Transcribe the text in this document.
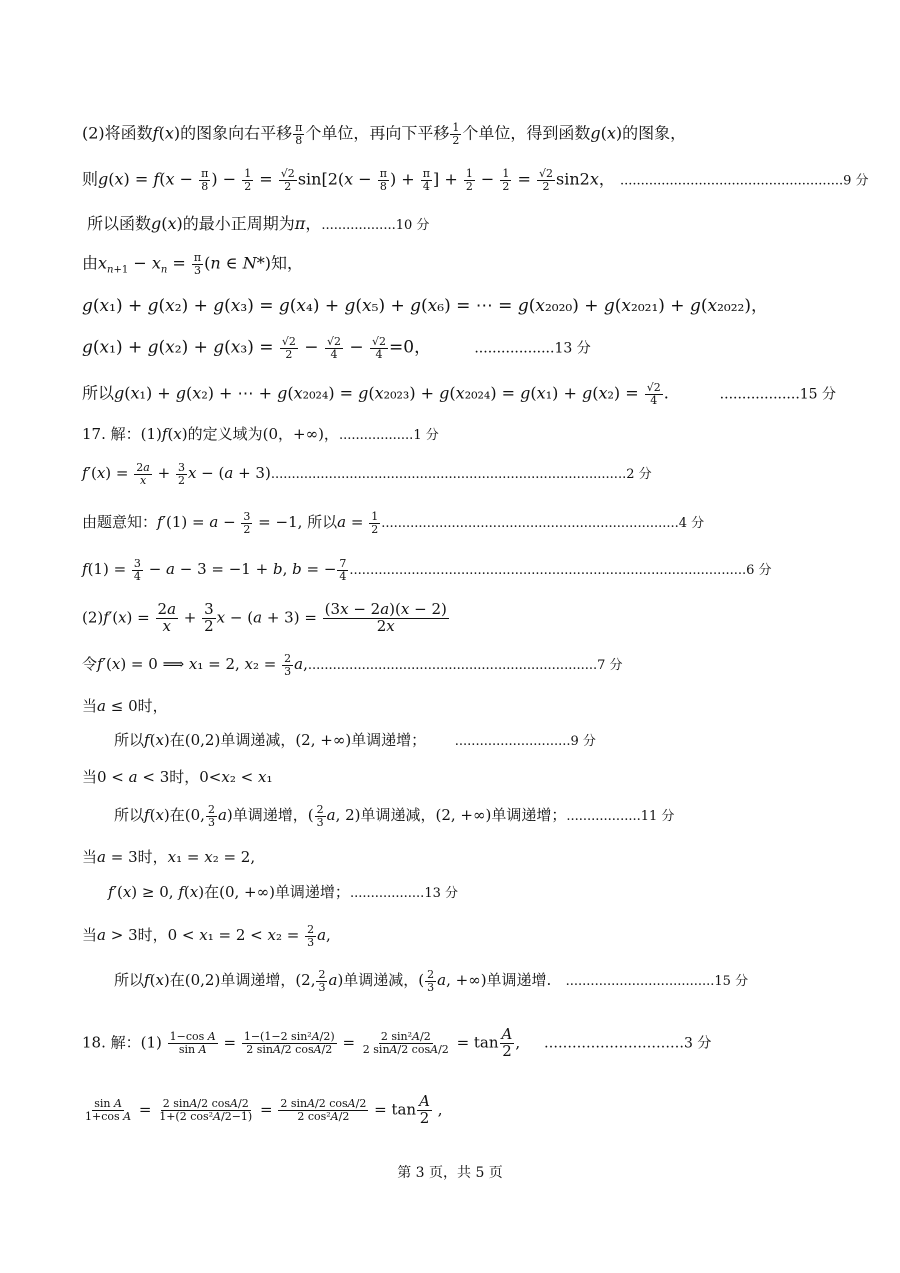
(2)将函数f(x)的图象向右平移 $\frac{\pi}{8}$ 个单位，再向下平移 $\frac{1}{2}$ 个单位，得到函数g(x)的图象，
则$g(x) = f(x - \frac{\pi}{8}$ ) − $\frac{1}{2} = \frac{√2}{2} \sin[2(x - \frac{\pi}{8}$ ) + $\frac{\pi}{4}$ ] + $\frac{1}{2} - \frac{1}{2} = \frac{√2}{2} \sin 2x$， ......................................................9 分
所以函数g(x)的最小正周期为π，..................10 分
由$x_{n+1} - x_n = \frac{\pi}{3} (n$ ∈ N*)知，
g(x₁) + g(x₂) + g(x₃) = g(x₄) + g(x₅) + g(x₆) = ⋯ = g(x₂₀₂₀) + g(x₂₀₂₁) + g(x₂₀₂₂)，
$g(x_1) + g(x_2) + g(x_3) = \frac{√2}{2} - \frac{√2}{4} - \frac{√2}{4} =0$，        ..................13 分
所以g(x₁) + g(x₂) + ⋯ + $g(x_{2024}) = g(x_{2023}) + g(x_{2024}) = g(x_1) + g(x_2) = \frac{√2}{4}$ .          ..................15 分
17. 解：(1)f(x)的定义域为(0，+∞)，..................1 分
$f'(x) = \frac{2a}{x} + \frac{3}{2}$ x − (a + 3)......................................................................................2 分
由题意知：$f'(1) = a - \frac{3}{2} = -1$, 所以$a = \frac{1}{2} ........................................................................4$ 分
$f(1) = \frac{3}{4} - a - 3 = -1 + b$, b = − $\frac{7}{4} ................................................................................................6$ 分
$(2)f'(x) = \frac{2a}{x} + \frac{3}{2}$ $x - (a + 3) = \frac{(3x - 2a)(x - 2)}{2x}$
令f′(x) = 0 ⟹ x₁ = 2, $x_2 = \frac{2}{3} a,......................................................................7$ 分
当a ≤ 0时，
所以f(x)在(0,2)单调递减，(2, +∞)单调递增；      ............................9 分
当0 < a < 3时，0<x₂ < x₁
所以f(x)在(0, $\frac{2}{3} a$)单调递增，( $\frac{2}{3} a$, 2)单调递减，(2, +∞)单调递增；..................11 分
当a = 3时，x₁ = x₂ = 2,
f′(x) ≥ 0, f(x)在(0, +∞)单调递增；..................13 分
当a > 3时，$0 < x_1 = 2 < x_2 = \frac{2}{3} a$,
所以f(x)在(0,2)单调递增，(2, $\frac{2}{3} a$)单调递减，( $\frac{2}{3} a$, +∞)单调递增.   ....................................15 分
18. 解：$(1) \frac{\text{1−cos A}}{\text{sin A}} = \frac{\text{1−(1−2 sin²A/2)}}{2 \sin A/2 \cos A/2} = \frac{\text{2 sin²A/2}}{2 \sin A/2 \cos A/2} = \tan \frac{A}{2}$ ,     …………………………3 分
$\frac{\text{sin A}}{\text{1+cos A}} = \frac{2 \sin A/2 \cos A/2}{\text{1+(2 cos²A/2−1)}} = \frac{2 \sin A/2 \cos A/2}{\text{2 cos²A/2}} = \tan \frac{A}{2}$ ,
第 3 页，共 5 页
